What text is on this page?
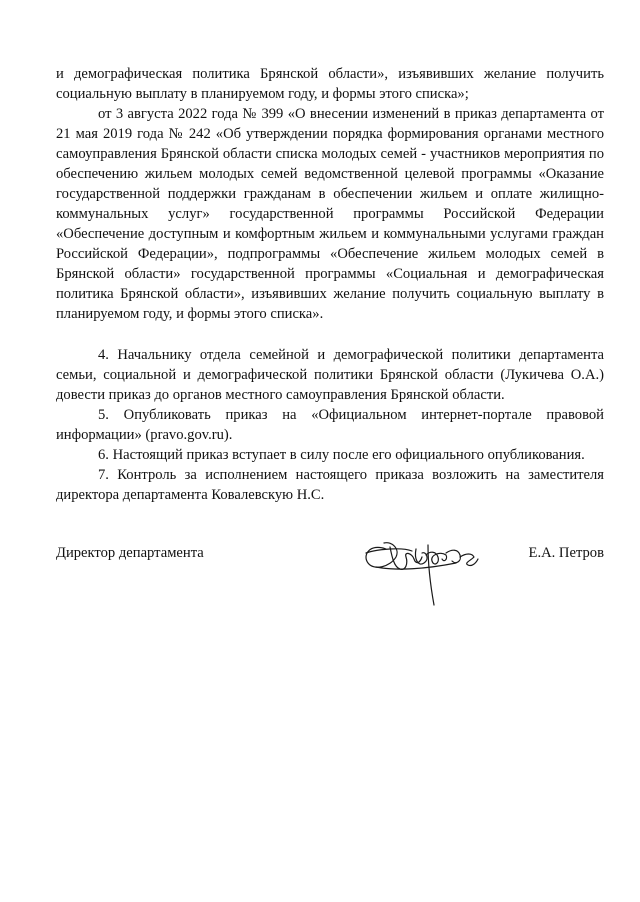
и демографическая политика Брянской области», изъявивших желание получить социальную выплату в планируемом году, и формы этого списка»;

от 3 августа 2022 года № 399 «О внесении изменений в приказ департамента от 21 мая 2019 года № 242 «Об утверждении порядка формирования органами местного самоуправления Брянской области списка молодых семей - участников мероприятия по обеспечению жильем молодых семей ведомственной целевой программы «Оказание государственной поддержки гражданам в обеспечении жильем и оплате жилищно-коммунальных услуг» государственной программы Российской Федерации «Обеспечение доступным и комфортным жильем и коммунальными услугами граждан Российской Федерации», подпрограммы «Обеспечение жильем молодых семей в Брянской области» государственной программы «Социальная и демографическая политика Брянской области», изъявивших желание получить социальную выплату в планируемом году, и формы этого списка».

4. Начальнику отдела семейной и демографической политики департамента семьи, социальной и демографической политики Брянской области (Лукичева О.А.) довести приказ до органов местного самоуправления Брянской области.

5. Опубликовать приказ на «Официальном интернет-портале правовой информации» (pravo.gov.ru).

6. Настоящий приказ вступает в силу после его официального опубликования.

7. Контроль за исполнением настоящего приказа возложить на заместителя директора департамента Ковалевскую Н.С.

Директор департамента	Е.А. Петров
